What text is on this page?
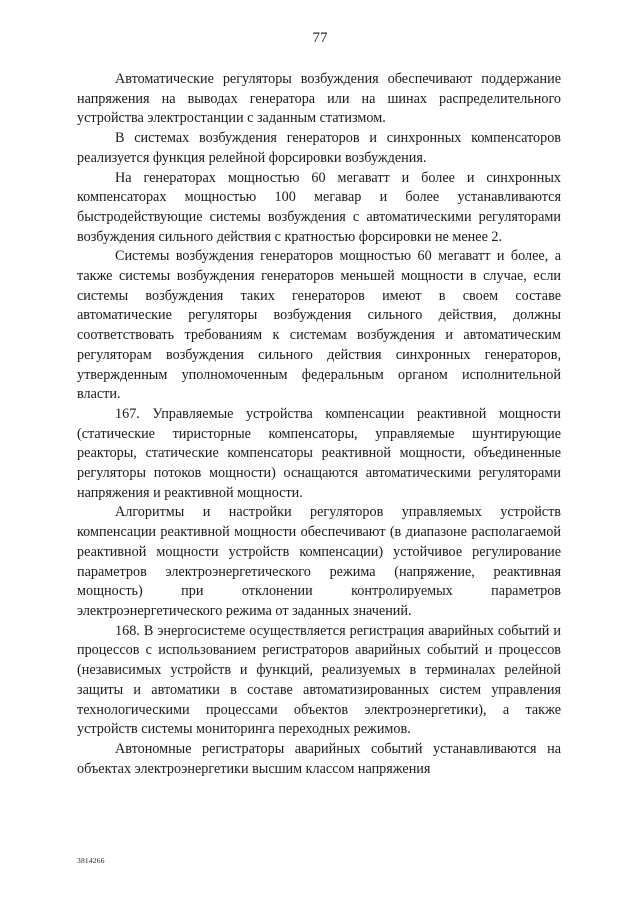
77

Автоматические регуляторы возбуждения обеспечивают поддержание напряжения на выводах генератора или на шинах распределительного устройства электростанции с заданным статизмом.

В системах возбуждения генераторов и синхронных компенсаторов реализуется функция релейной форсировки возбуждения.

На генераторах мощностью 60 мегаватт и более и синхронных компенсаторах мощностью 100 мегавар и более устанавливаются быстродействующие системы возбуждения с автоматическими регуляторами возбуждения сильного действия с кратностью форсировки не менее 2.

Системы возбуждения генераторов мощностью 60 мегаватт и более, а также системы возбуждения генераторов меньшей мощности в случае, если системы возбуждения таких генераторов имеют в своем составе автоматические регуляторы возбуждения сильного действия, должны соответствовать требованиям к системам возбуждения и автоматическим регуляторам возбуждения сильного действия синхронных генераторов, утвержденным уполномоченным федеральным органом исполнительной власти.

167. Управляемые устройства компенсации реактивной мощности (статические тиристорные компенсаторы, управляемые шунтирующие реакторы, статические компенсаторы реактивной мощности, объединенные регуляторы потоков мощности) оснащаются автоматическими регуляторами напряжения и реактивной мощности.

Алгоритмы и настройки регуляторов управляемых устройств компенсации реактивной мощности обеспечивают (в диапазоне располагаемой реактивной мощности устройств компенсации) устойчивое регулирование параметров электроэнергетического режима (напряжение, реактивная мощность) при отклонении контролируемых параметров электроэнергетического режима от заданных значений.

168. В энергосистеме осуществляется регистрация аварийных событий и процессов с использованием регистраторов аварийных событий и процессов (независимых устройств и функций, реализуемых в терминалах релейной защиты и автоматики в составе автоматизированных систем управления технологическими процессами объектов электроэнергетики), а также устройств системы мониторинга переходных режимов.

Автономные регистраторы аварийных событий устанавливаются на объектах электроэнергетики высшим классом напряжения

3814266
